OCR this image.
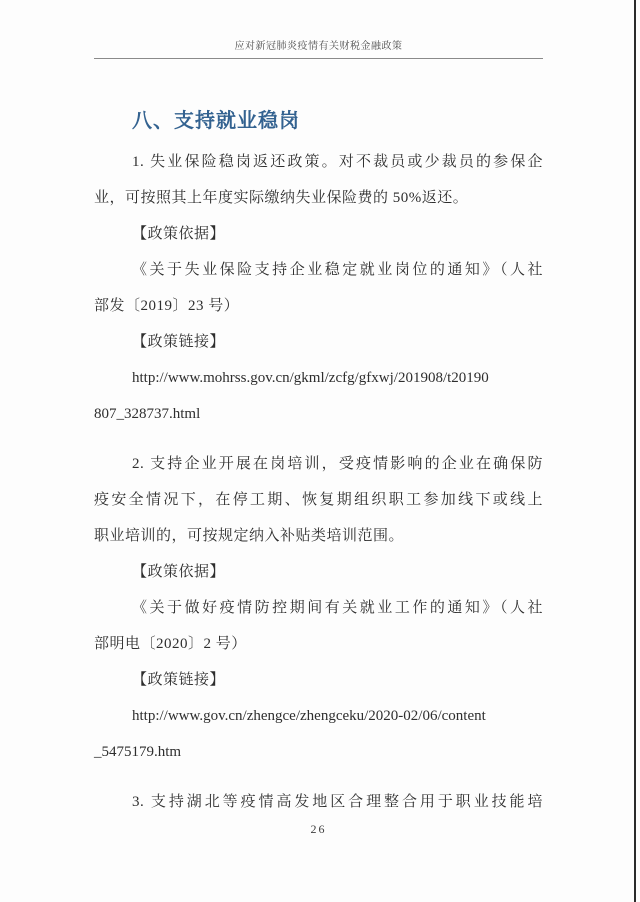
应对新冠肺炎疫情有关财税金融政策
八、支持就业稳岗
1. 失业保险稳岗返还政策。对不裁员或少裁员的参保企
业，可按照其上年度实际缴纳失业保险费的 50%返还。
【政策依据】
《关于失业保险支持企业稳定就业岗位的通知》（人社
部发〔2019〕23 号）
【政策链接】
http://www.mohrss.gov.cn/gkml/zcfg/gfxwj/201908/t20190
807_328737.html
2. 支持企业开展在岗培训，受疫情影响的企业在确保防
疫安全情况下，在停工期、恢复期组织职工参加线下或线上
职业培训的，可按规定纳入补贴类培训范围。
【政策依据】
《关于做好疫情防控期间有关就业工作的通知》（人社
部明电〔2020〕2 号）
【政策链接】
http://www.gov.cn/zhengce/zhengceku/2020-02/06/content
_5475179.htm
3. 支持湖北等疫情高发地区合理整合用于职业技能培
26
